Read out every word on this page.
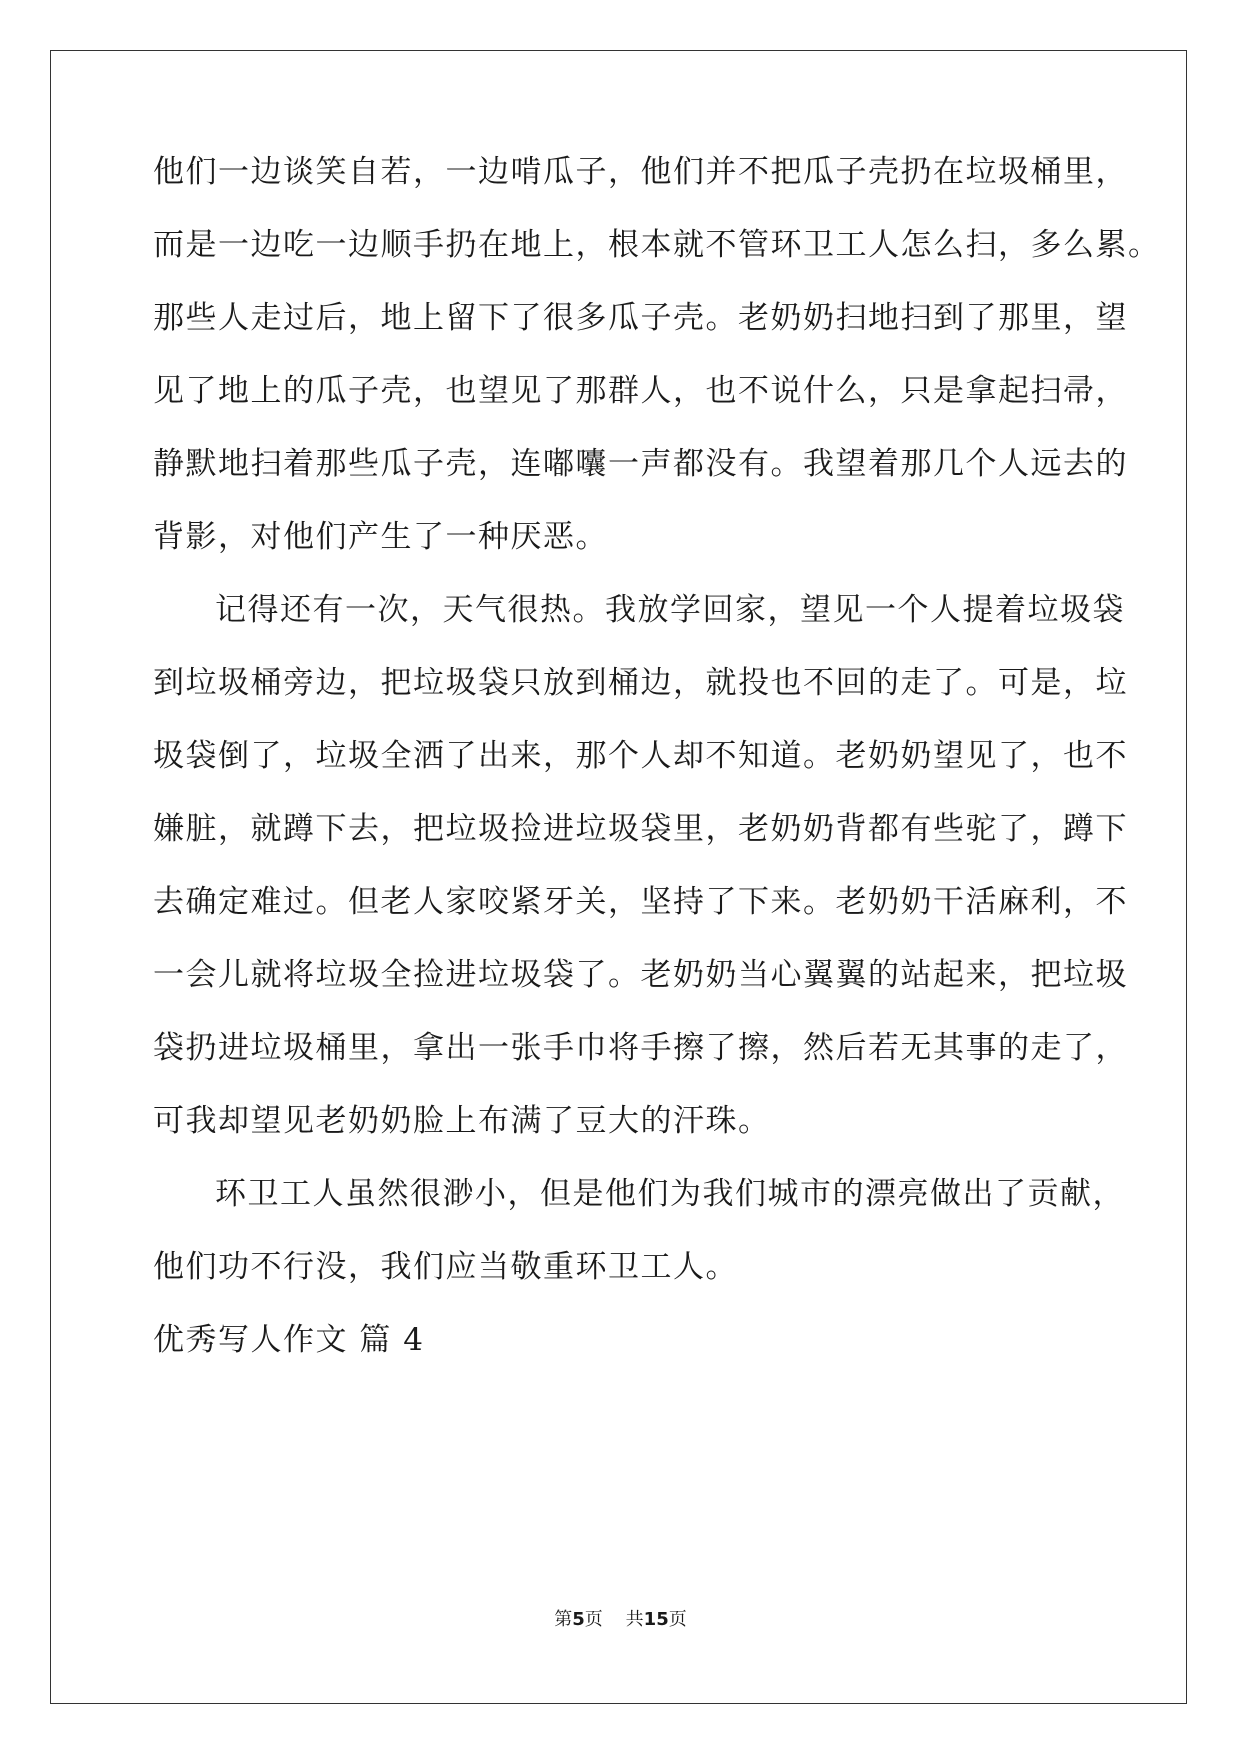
他们一边谈笑自若，一边啃瓜子，他们并不把瓜子壳扔在垃圾桶里，
而是一边吃一边顺手扔在地上，根本就不管环卫工人怎么扫，多么累。
那些人走过后，地上留下了很多瓜子壳。老奶奶扫地扫到了那里，望
见了地上的瓜子壳，也望见了那群人，也不说什么，只是拿起扫帚，
静默地扫着那些瓜子壳，连嘟囔一声都没有。我望着那几个人远去的
背影，对他们产生了一种厌恶。
记得还有一次，天气很热。我放学回家，望见一个人提着垃圾袋
到垃圾桶旁边，把垃圾袋只放到桶边，就投也不回的走了。可是，垃
圾袋倒了，垃圾全洒了出来，那个人却不知道。老奶奶望见了，也不
嫌脏，就蹲下去，把垃圾捡进垃圾袋里，老奶奶背都有些驼了，蹲下
去确定难过。但老人家咬紧牙关，坚持了下来。老奶奶干活麻利，不
一会儿就将垃圾全捡进垃圾袋了。老奶奶当心翼翼的站起来，把垃圾
袋扔进垃圾桶里，拿出一张手巾将手擦了擦，然后若无其事的走了，
可我却望见老奶奶脸上布满了豆大的汗珠。
环卫工人虽然很渺小，但是他们为我们城市的漂亮做出了贡献，
他们功不行没，我们应当敬重环卫工人。
优秀写人作文 篇 4
第5页    共15页
